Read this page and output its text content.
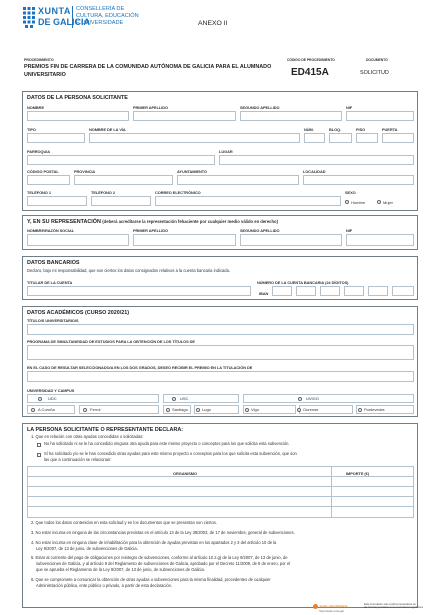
XUNTA
DE GALICIA
CONSELLERÍA DE
CULTURA, EDUCACIÓN
E UNIVERSIDADE	ANEXO II
PROCEDIMIENTO
PREMIOS FIN DE CARRERA DE LA COMUNIDAD AUTÓNOMA DE GALICIA PARA EL ALUMNADO UNIVERSITARIO
CÓDIGO DE PROCEDIMIENTO
ED415A
DOCUMENTO
SOLICITUD
DATOS DE LA PERSONA SOLICITANTE
NOMBRE	PRIMER APELLIDO	SEGUNDO APELLIDO	NIF
TIPO	NOMBRE DE LA VÍA	NÚM.	BLOQ.	PISO	PUERTA
PARROQUIA	LUGAR
CÓDIGO POSTAL	PROVINCIA	AYUNTAMIENTO	LOCALIDAD
TELÉFONO 1	TELÉFONO 2	CORREO ELECTRÓNICO	SEXO
Hombre	Mujer
Y, EN SU REPRESENTACIÓN (deberá acreditarse la representación fehaciente por cualquier medio válido en derecho)
NOMBRE/RAZÓN SOCIAL	PRIMER APELLIDO	SEGUNDO APELLIDO	NIF
DATOS BANCARIOS
Declaro, bajo mi responsabilidad, que son ciertos los datos consignados relativos a la cuenta bancaria indicada.
TITULAR DE LA CUENTA	NÚMERO DE LA CUENTA BANCARIA (24 DÍGITOS)
IBAN
DATOS ACADÉMICOS (CURSO 2020/21)
TÍTULO/S UNIVERSITARIO/S
PROGRAMA DE SIMULTANEIDAD DE ESTUDIOS PARA LA OBTENCIÓN DE LOS TÍTULOS DE
EN EL CASO DE RESULTAR SELECCIONADO/A EN LOS DOS GRADOS, DESEO RECIBIR EL PREMIO EN LA TITULACIÓN DE
UNIVERSIDAD Y CAMPUS
UDC	USC	UVIGO
A Coruña	Ferrol	Santiago	Lugo	Vigo	Ourense	Pontevedra
LA PERSONA SOLICITANTE O REPRESENTANTE DECLARA:
1. Que en relación con otras ayudas concedidas o solicitadas:
No ha solicitado ni se le ha concedido ninguna otra ayuda para este mismo proyecto o conceptos para los que solicita esta subvención.
Sí ha solicitado y/o se le han concedido otras ayudas para este mismo proyecto o conceptos para los que solicita esta subvención, que son
las que a continuación se relacionan:
ORGANISMO	IMPORTE (€)
2. Que todos los datos contenidos en esta solicitud y en los documentos que se presentan son ciertos.
3. No estar incursa en ninguna de las circunstancias previstas en el artículo 13 de la Ley 38/2003, de 17 de noviembre, general de subvenciones.
4. No estar incursa en ninguna clase de inhabilitación para la obtención de ayudas previstas en los apartados 2 y 3 del artículo 10 de la
Ley 9/2007, de 13 de junio, de subvenciones de Galicia.
5. Estar al corriente del pago de obligaciones por reintegro de subvenciones, conforme al artículo 10.2.g) de la Ley 9/2007, de 13 de junio, de
subvenciones de Galicia, y al artículo 9 del Reglamento de subvenciones de Galicia, aprobado por el Decreto 11/2009, de 8 de enero, por el
que se aprueba el Reglamento de la Ley 9/2007, de 13 de junio, de subvenciones de Galicia.
6. Que se compromete a comunicar la obtención de otras ayudas o subvenciones para la misma finalidad, procedentes de cualquier
Administración pública, ente público o privado, a partir de esta declaración.
sede electrónica
https://sede.xunta.gal
Este formulario solo podrá presentarse en
las formas previstas en la normativa reguladora
